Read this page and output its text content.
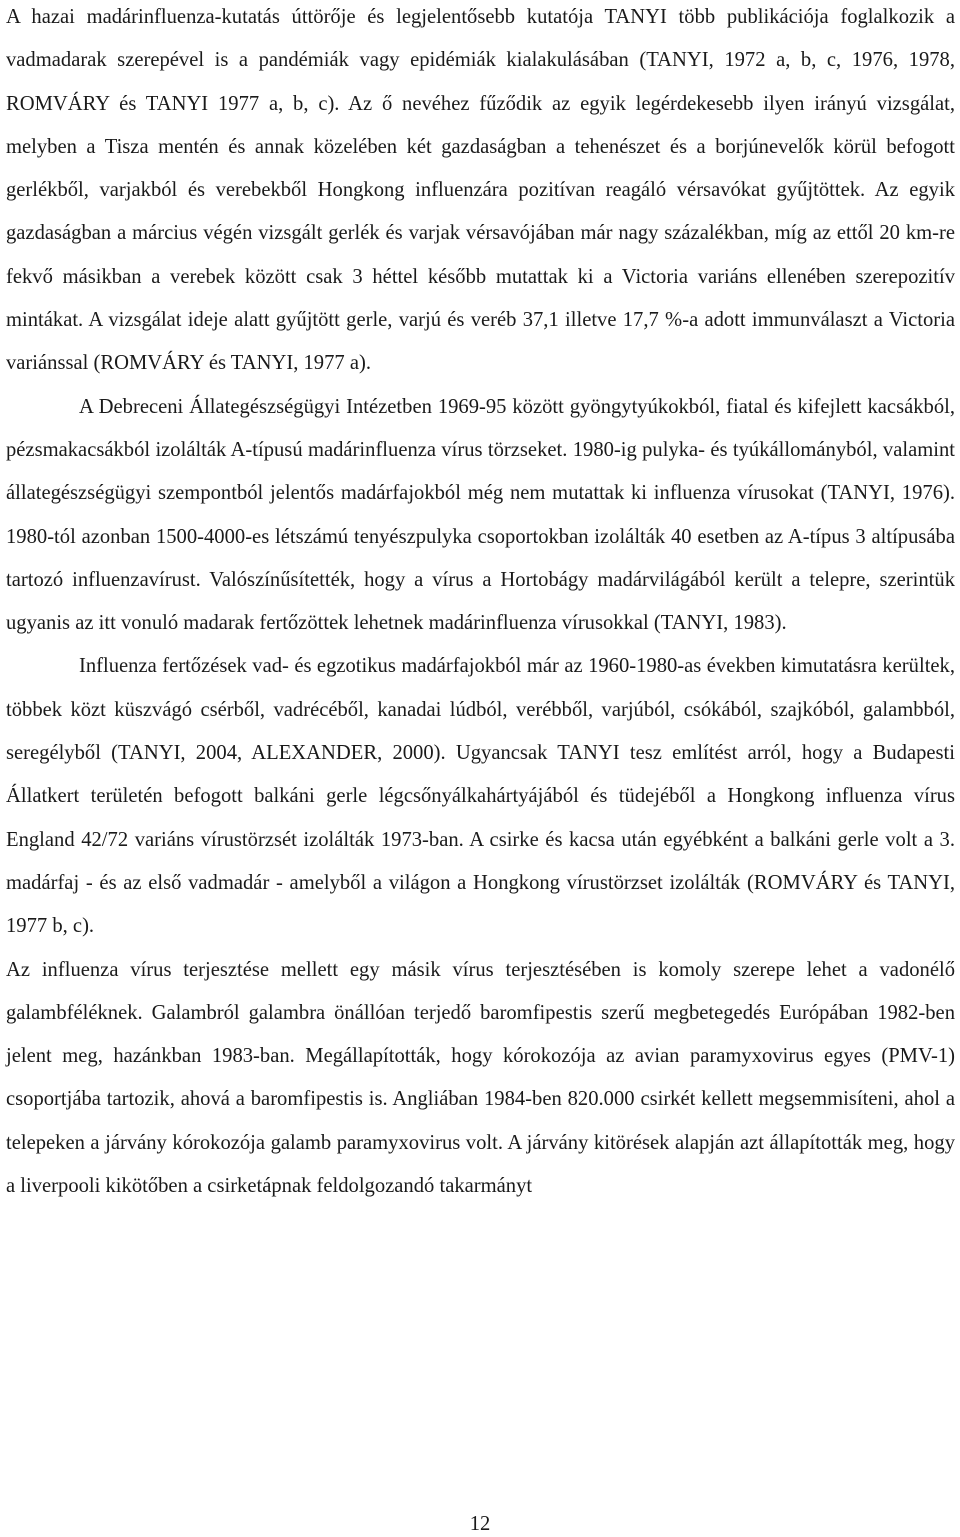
A hazai madárinfluenza-kutatás úttörője és legjelentősebb kutatója TANYI több publikációja foglalkozik a vadmadarak szerepével is a pandémiák vagy epidémiák kialakulásában (TANYI, 1972 a, b, c, 1976, 1978, ROMVÁRY és TANYI 1977 a, b, c). Az ő nevéhez fűződik az egyik legérdekesebb ilyen irányú vizsgálat, melyben a Tisza mentén és annak közelében két gazdaságban a tehenészet és a borjúnevelők körül befogott gerlékből, varjakból és verebekből Hongkong influenzára pozitívan reagáló vérsavókat gyűjtöttek. Az egyik gazdaságban a március végén vizsgált gerlék és varjak vérsavójában már nagy százalékban, míg az ettől 20 km-re fekvő másikban a verebek között csak 3 héttel később mutattak ki a Victoria variáns ellenében szerepozitív mintákat. A vizsgálat ideje alatt gyűjtött gerle, varjú és veréb 37,1 illetve 17,7 %-a adott immunválaszt a Victoria variánssal (ROMVÁRY és TANYI, 1977 a).

A Debreceni Állategészségügyi Intézetben 1969-95 között gyöngytyúkokból, fiatal és kifejlett kacsákból, pézsmakacsákból izolálták A-típusú madárinfluenza vírus törzseket. 1980-ig pulyka- és tyúkállományból, valamint állategészségügyi szempontból jelentős madárfajokból még nem mutattak ki influenza vírusokat (TANYI, 1976). 1980-tól azonban 1500-4000-es létszámú tenyészpulyka csoportokban izolálták 40 esetben az A-típus 3 altípusába tartozó influenzavírust. Valószínűsítették, hogy a vírus a Hortobágy madárvilágából került a telepre, szerintük ugyanis az itt vonuló madarak fertőzöttek lehetnek madárinfluenza vírusokkal (TANYI, 1983).

Influenza fertőzések vad- és egzotikus madárfajokból már az 1960-1980-as években kimutatásra kerültek, többek közt küszvágó csérből, vadrécéből, kanadai lúdból, verébből, varjúból, csókából, szajkóból, galambból, seregélyből (TANYI, 2004, ALEXANDER, 2000). Ugyancsak TANYI tesz említést arról, hogy a Budapesti Állatkert területén befogott balkáni gerle légcsőnyálkahártyájából és tüdejéből a Hongkong influenza vírus England 42/72 variáns vírustörzsét izolálták 1973-ban. A csirke és kacsa után egyébként a balkáni gerle volt a 3. madárfaj - és az első vadmadár - amelyből a világon a Hongkong vírustörzset izolálták (ROMVÁRY és TANYI, 1977 b, c).

Az influenza vírus terjesztése mellett egy másik vírus terjesztésében is komoly szerepe lehet a vadonélő galambféléknek. Galambról galambra önállóan terjedő baromfipestis szerű megbetegedés Európában 1982-ben jelent meg, hazánkban 1983-ban. Megállapították, hogy kórokozója az avian paramyxovirus egyes (PMV-1) csoportjába tartozik, ahová a baromfipestis is. Angliában 1984-ben 820.000 csirkét kellett megsemmisíteni, ahol a telepeken a járvány kórokozója galamb paramyxovirus volt. A járvány kitörések alapján azt állapították meg, hogy a liverpooli kikötőben a csirketápnak feldolgozandó takarmányt

12
